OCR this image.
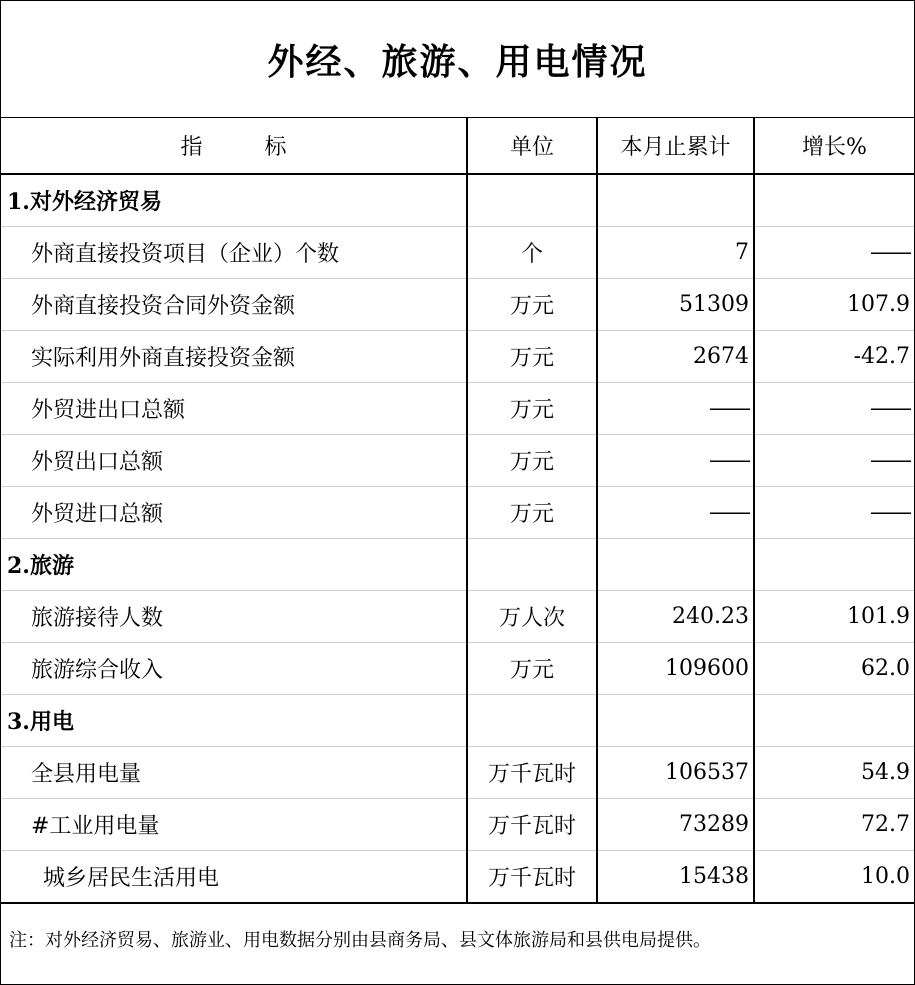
外经、旅游、用电情况
指 标	单位	本月止累计	增长%
1.对外经济贸易			
外商直接投资项目（企业）个数	个	7	——
外商直接投资合同外资金额	万元	51309	107.9
实际利用外商直接投资金额	万元	2674	-42.7
外贸进出口总额	万元	——	——
外贸出口总额	万元	——	——
外贸进口总额	万元	——	——
2.旅游			
旅游接待人数	万人次	240.23	101.9
旅游综合收入	万元	109600	62.0
3.用电			
全县用电量	万千瓦时	106537	54.9
#工业用电量	万千瓦时	73289	72.7
城乡居民生活用电	万千瓦时	15438	10.0
注：对外经济贸易、旅游业、用电数据分别由县商务局、县文体旅游局和县供电局提供。
